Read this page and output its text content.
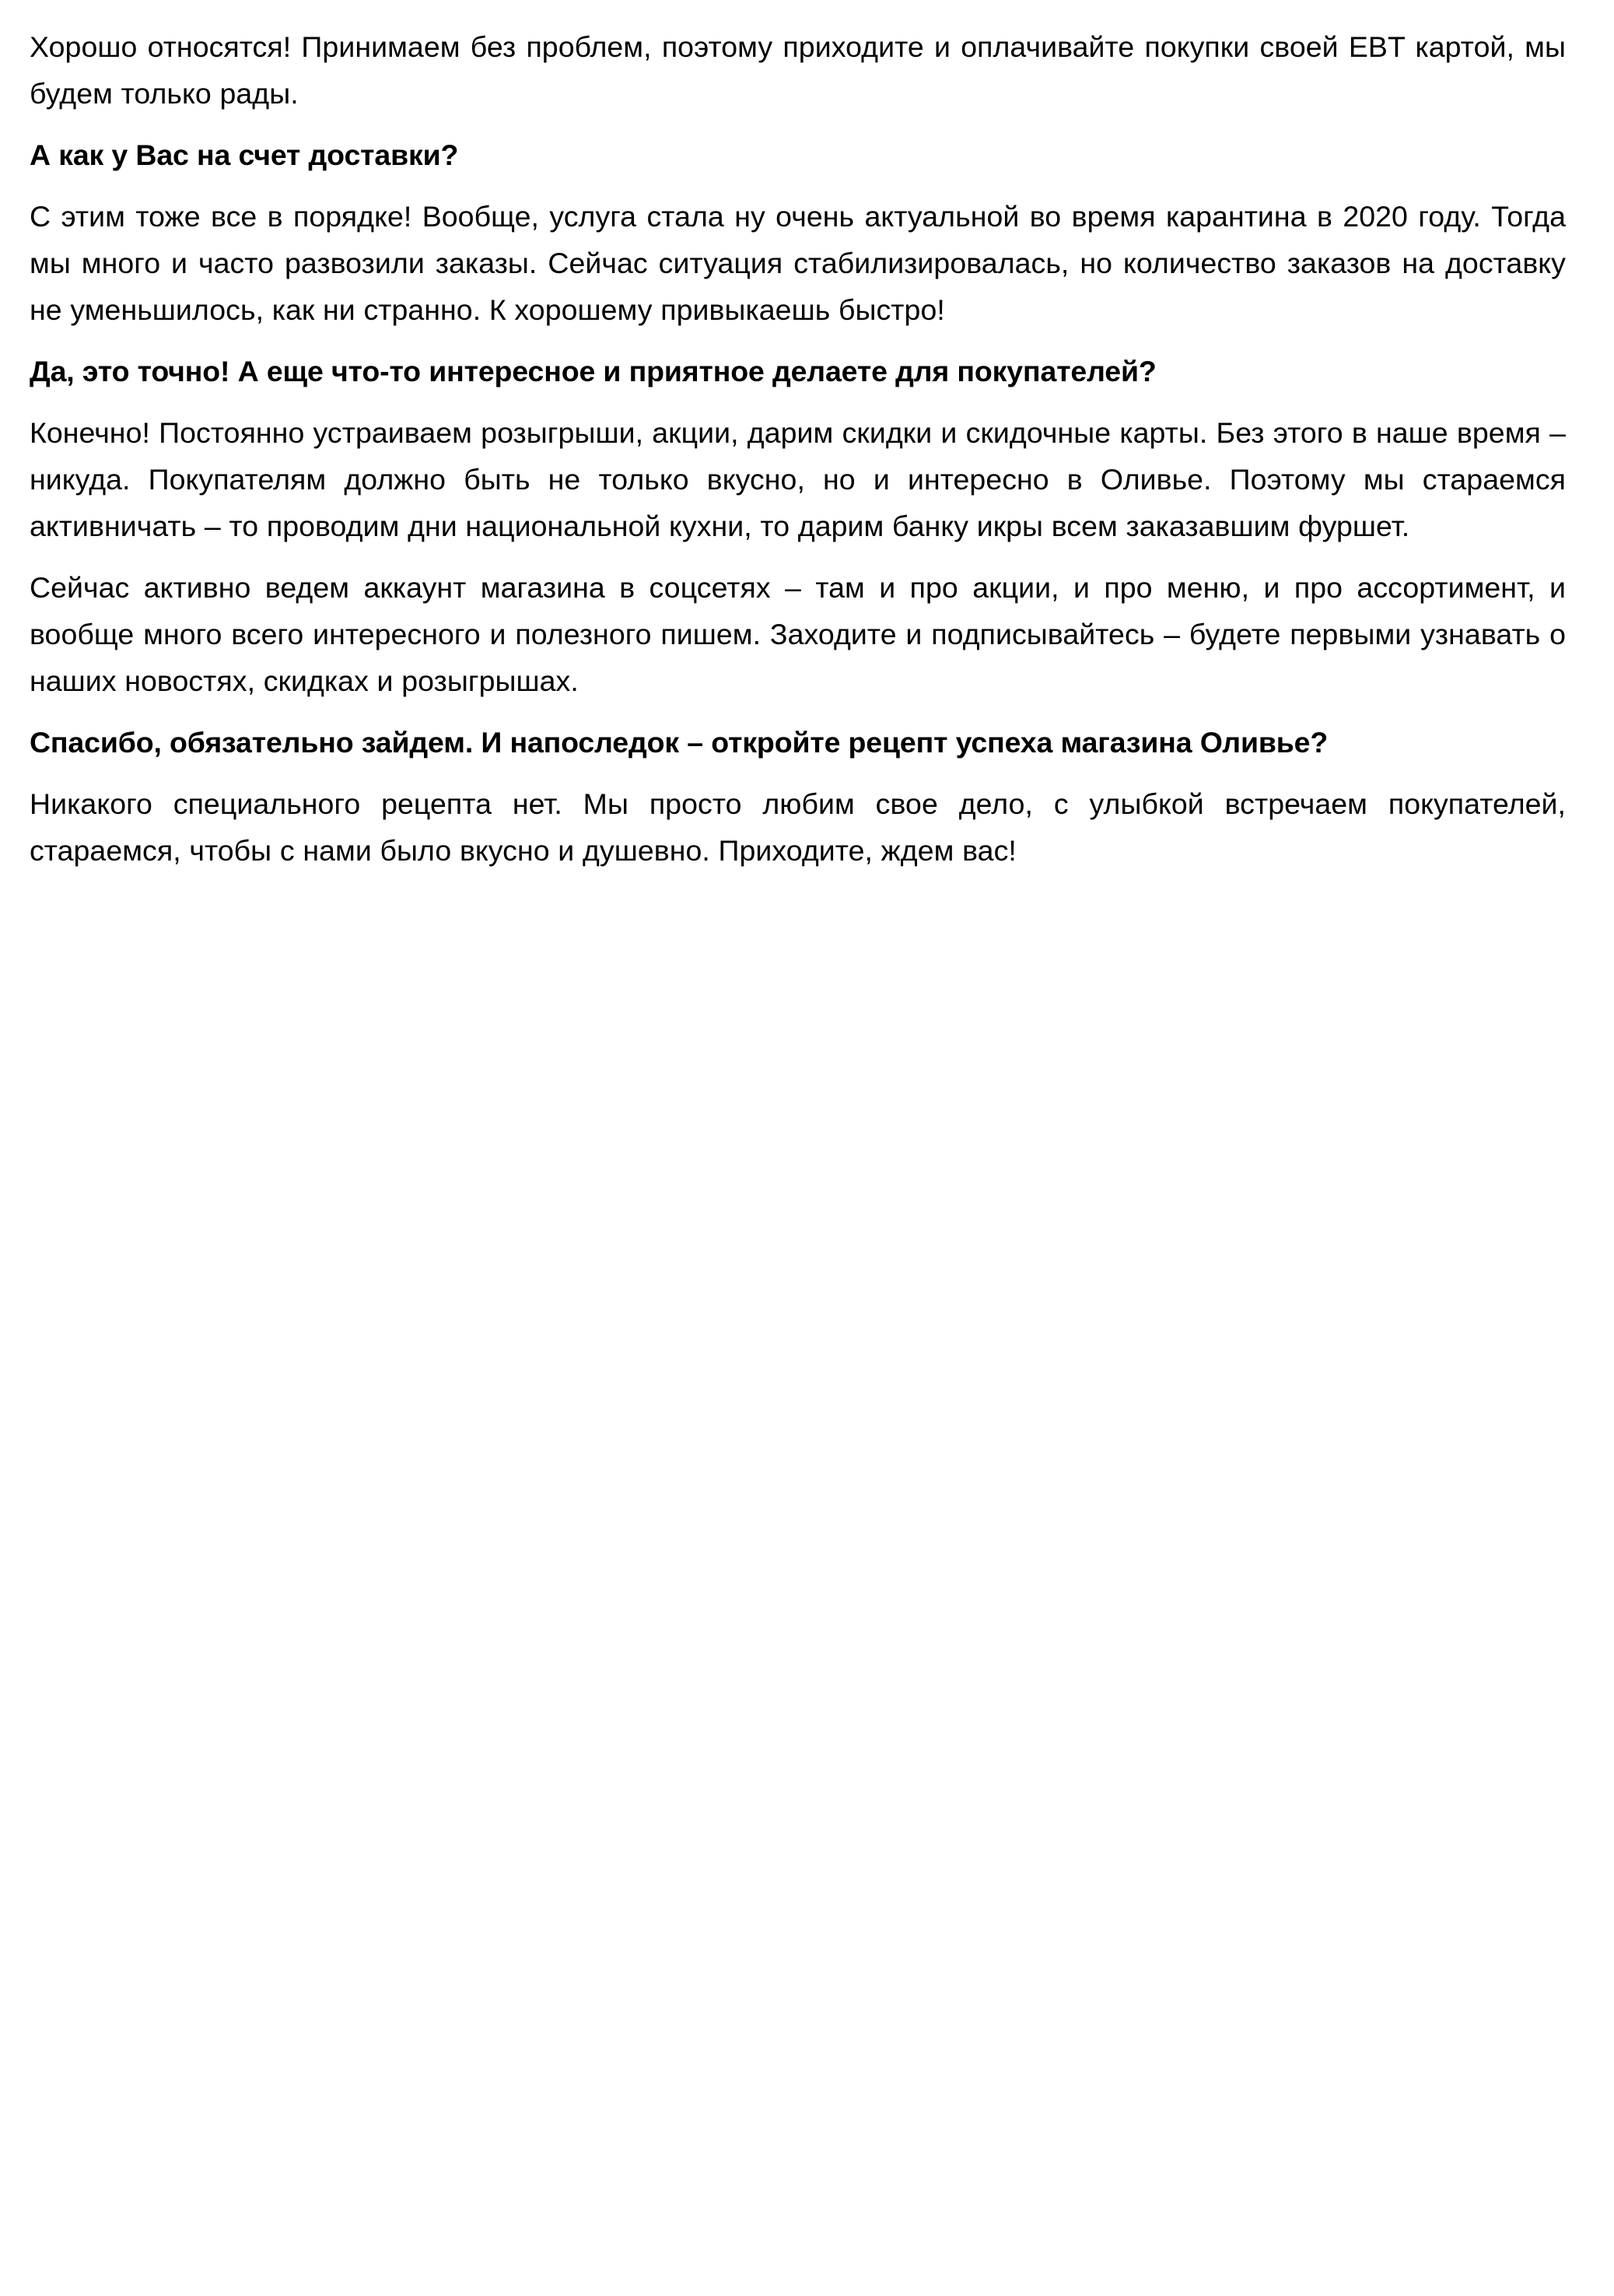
Хорошо относятся! Принимаем без проблем, поэтому приходите и оплачивайте покупки своей EBT картой, мы будем только рады.

А как у Вас на счет доставки?

С этим тоже все в порядке! Вообще, услуга стала ну очень актуальной во время карантина в 2020 году. Тогда мы много и часто развозили заказы. Сейчас ситуация стабилизировалась, но количество заказов на доставку не уменьшилось, как ни странно. К хорошему привыкаешь быстро!

Да, это точно! А еще что-то интересное и приятное делаете для покупателей?

Конечно! Постоянно устраиваем розыгрыши, акции, дарим скидки и скидочные карты. Без этого в наше время – никуда. Покупателям должно быть не только вкусно, но и интересно в Оливье. Поэтому мы стараемся активничать – то проводим дни национальной кухни, то дарим банку икры всем заказавшим фуршет.

Сейчас активно ведем аккаунт магазина в соцсетях – там и про акции, и про меню, и про ассортимент, и вообще много всего интересного и полезного пишем. Заходите и подписывайтесь – будете первыми узнавать о наших новостях, скидках и розыгрышах.

Спасибо, обязательно зайдем. И напоследок – откройте рецепт успеха магазина Оливье?

Никакого специального рецепта нет. Мы просто любим свое дело, с улыбкой встречаем покупателей, стараемся, чтобы с нами было вкусно и душевно. Приходите, ждем вас!
